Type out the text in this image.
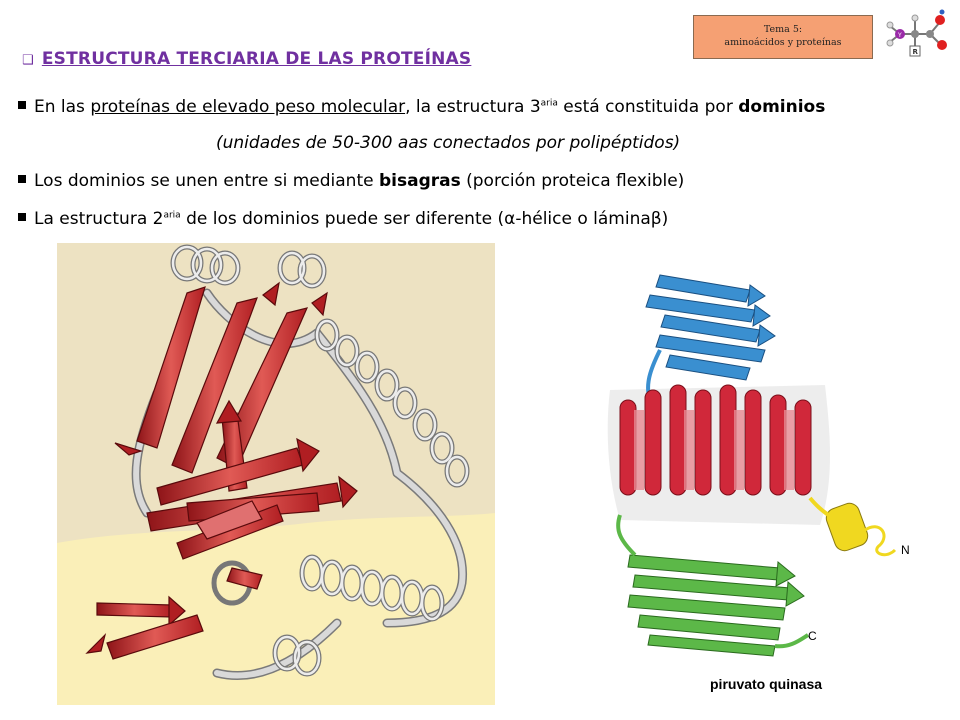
Tema 5:
aminoácidos y proteínas
Y
R
❑ ESTRUCTURA TERCIARIA DE LAS PROTEÍNAS
En las proteínas de elevado peso molecular, la estructura $3^{aria}$ está constituida por dominios
(unidades de 50-300 aas conectados por polipéptidos)
Los dominios se unen entre si mediante bisagras (porción proteica flexible)
La estructura $2^{aria}$ de los dominios puede ser diferente (α-hélice o láminaβ)
N
C
piruvato quinasa
